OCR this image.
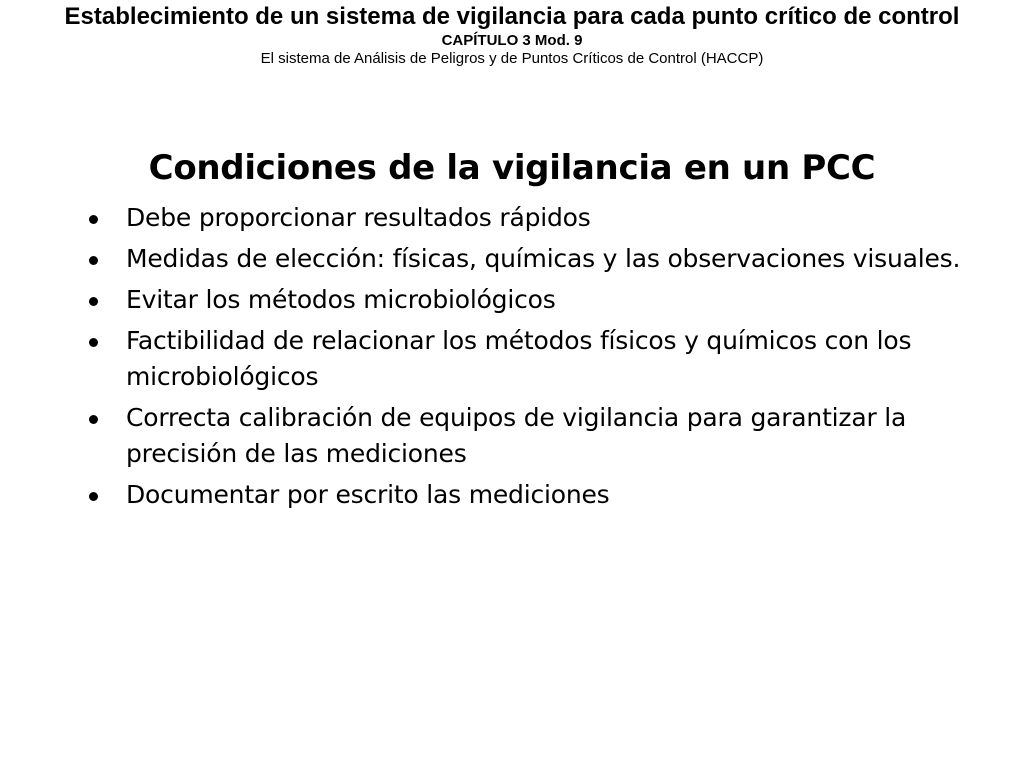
Establecimiento de un sistema de vigilancia para cada punto crítico de control
CAPÍTULO 3 Mod. 9
El sistema de Análisis de Peligros y de Puntos Críticos de Control (HACCP)
Condiciones de la vigilancia en un PCC
Debe proporcionar resultados rápidos
Medidas de elección: físicas, químicas y las observaciones visuales.
Evitar los métodos microbiológicos
Factibilidad de relacionar los métodos físicos y químicos con los microbiológicos
Correcta calibración de equipos de vigilancia para garantizar la precisión de las mediciones
Documentar por escrito las mediciones
